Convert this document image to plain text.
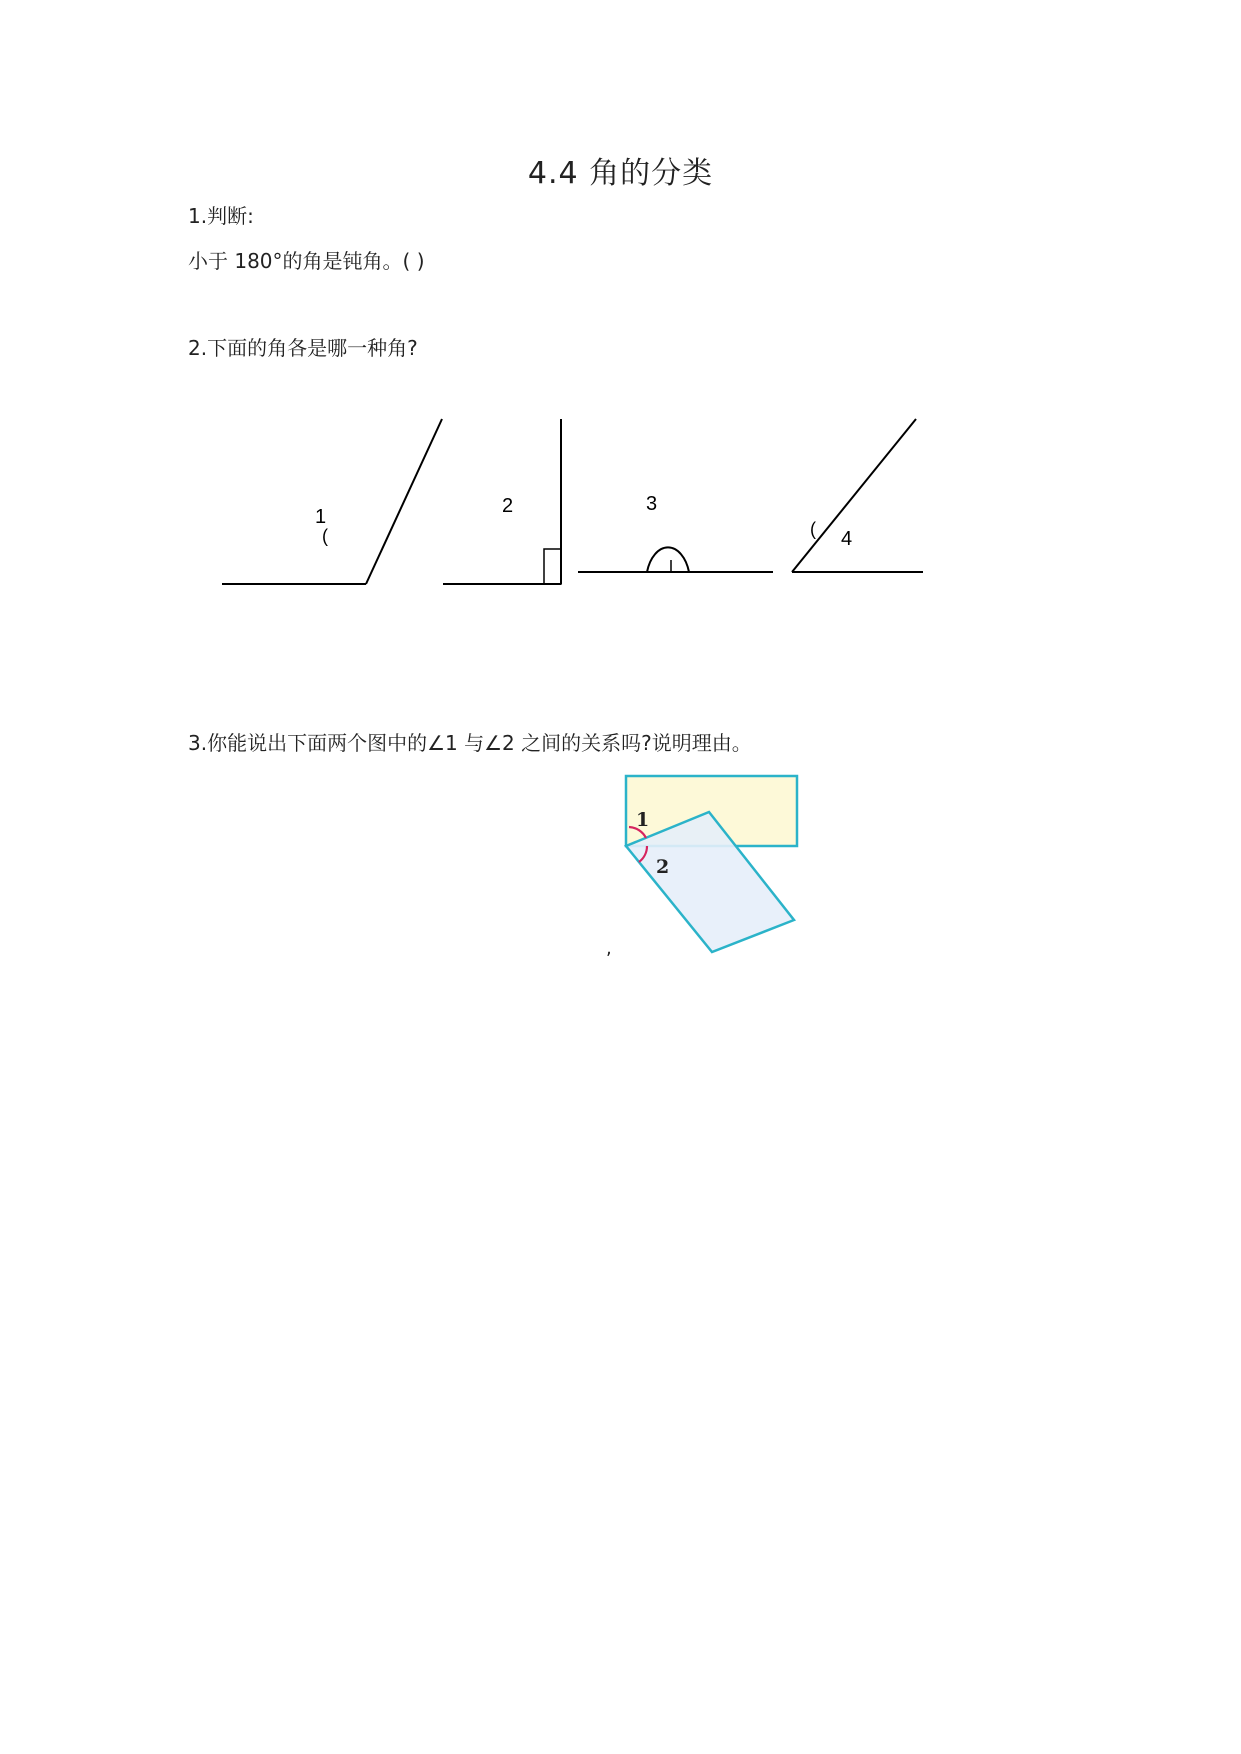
4.4 角的分类
1.判断:
小于 180°的角是钝角。( )
2.下面的角各是哪一种角?
1
(
2	3
( 4
1
2
3.你能说出下面两个图中的∠1 与∠2 之间的关系吗?说明理由。
,
